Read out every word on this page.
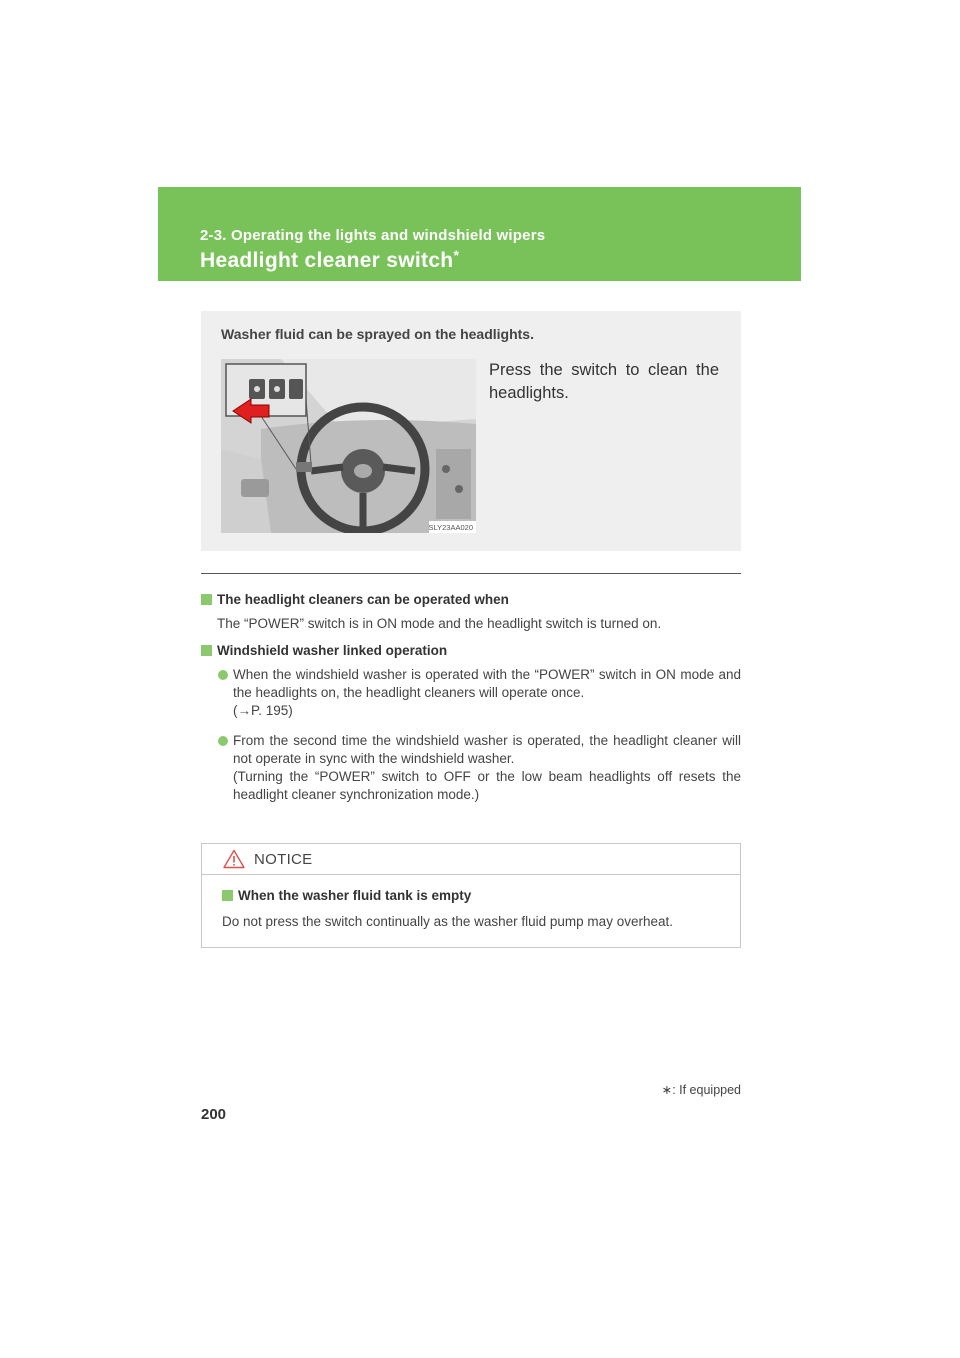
2-3. Operating the lights and windshield wipers
Headlight cleaner switch*
Washer fluid can be sprayed on the headlights.
SLY23AA020
Press the switch to clean the headlights.
The headlight cleaners can be operated when
The “POWER” switch is in ON mode and the headlight switch is turned on.
Windshield washer linked operation

When the windshield washer is operated with the “POWER” switch in ON mode and the headlights on, the headlight cleaners will operate once.

(→P. 195)

From the second time the windshield washer is operated, the headlight cleaner will not operate in sync with the windshield washer.

(Turning the “POWER” switch to OFF or the low beam headlights off resets the headlight cleaner synchronization mode.)

NOTICE
When the washer fluid tank is empty
Do not press the switch continually as the washer fluid pump may overheat.
∗: If equipped
200
